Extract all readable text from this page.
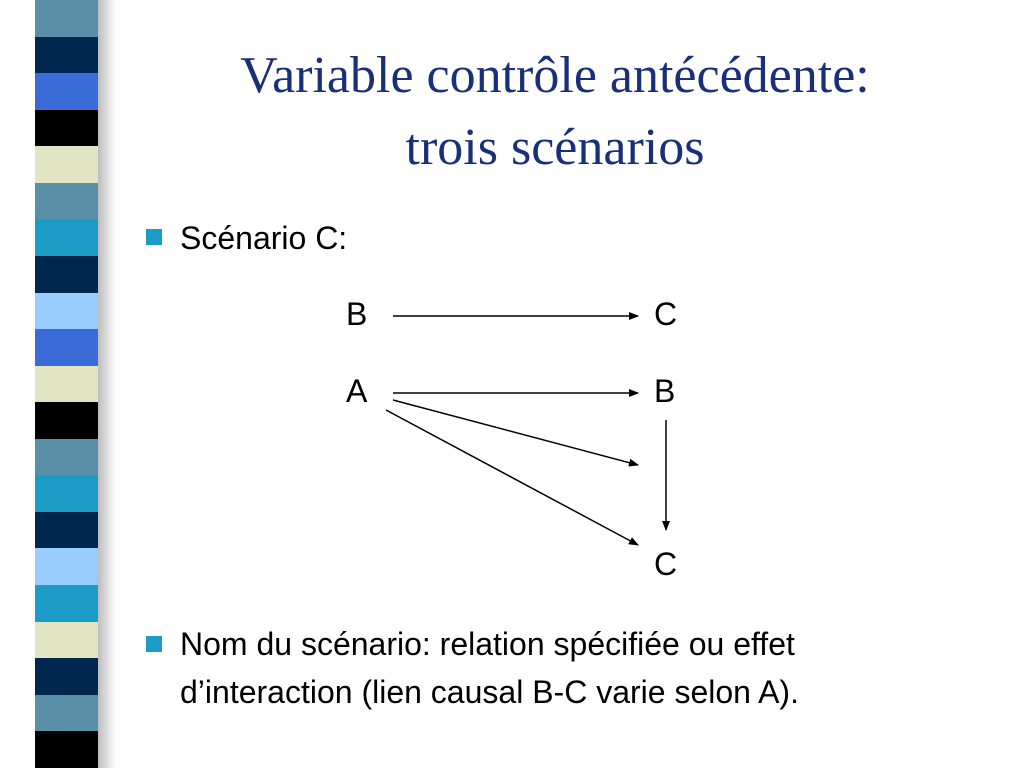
Variable contrôle antécédente:
trois scénarios
Scénario C:
B	C
A	B
C
Nom du scénario: relation spécifiée ou effet
d’interaction (lien causal B-C varie selon A).
